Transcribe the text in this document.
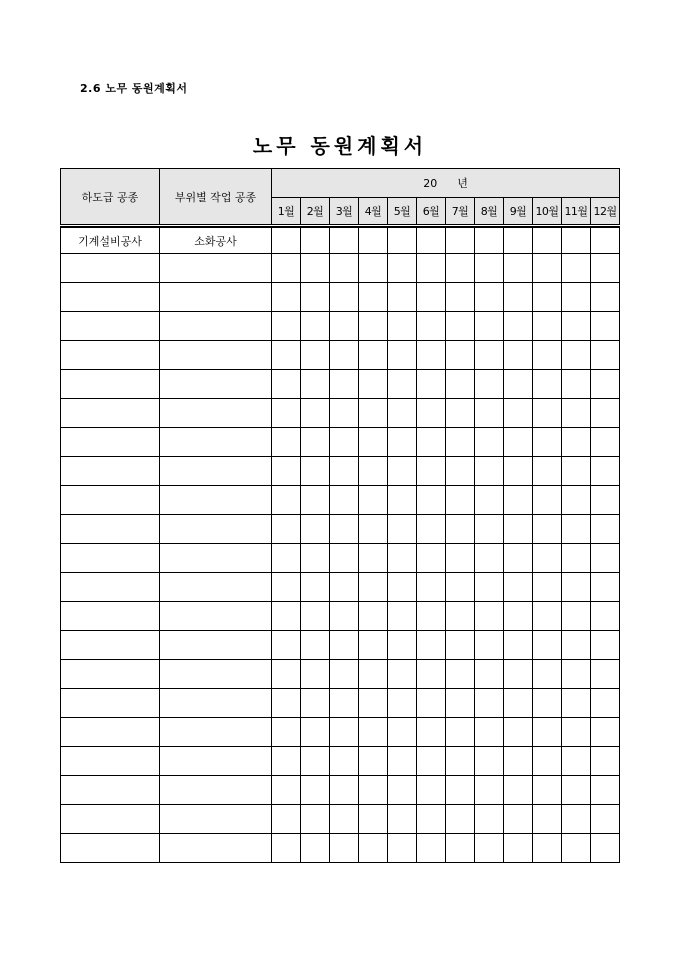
2.6 노무 동원계획서
노무 동원계획서
하도급 공종	부위별 작업 공종	20 년											
		1월	2월	3월	4월	5월	6월	7월	8월	9월	10월	11월	12월

기계설비공사	소화공사												
